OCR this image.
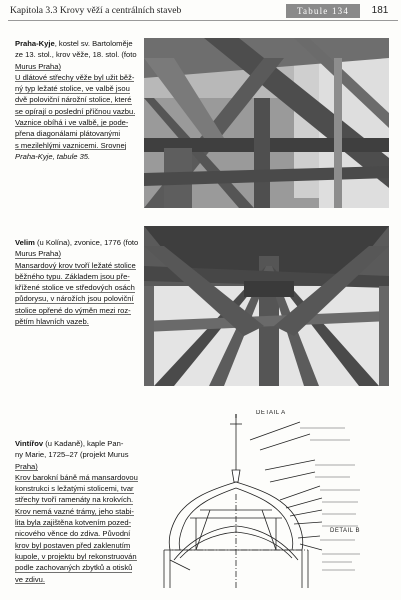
Kapitola 3.3 Krovy věží a centrálních staveb	Tabule 134	181

Praha-Kyje, kostel sv. Bartoloměje

ze 13. stol., krov věže, 18. stol. (foto

Murus Praha)

U dlátové střechy věže byl užit běž-

ný typ ležaté stolice, ve valbě jsou

dvě poloviční nárožní stolice, které

se opírají o poslední příčnou vazbu.

Vaznice obíhá i ve valbě, je pode-

přena diagonálami plátovanými

s mezilehlými vaznicemi. Srovnej

Praha-Kyje, tabule 35.

Velim (u Kolína), zvonice, 1776 (foto

Murus Praha)

Mansardový krov tvoří ležaté stolice

běžného typu. Základem jsou pře-

křížené stolice ve středových osách

půdorysu, v nárožích jsou poloviční

stolice opřené do výměn mezi roz-

pětím hlavních vazeb.

Vintířov (u Kadaně), kaple Pan-

ny Marie, 1725–27 (projekt Murus

Praha)

Krov barokní báně má mansardovou

konstrukci s ležatými stolicemi, tvar

střechy tvoří ramenáty na krokvích.

Krov nemá vazné trámy, jeho stabi-

lita byla zajištěna kotvením pozed-

nicového věnce do zdiva. Původní

krov byl postaven před zaklenutím

kupole, v projektu byl rekonstruován

podle zachovaných zbytků a otisků

ve zdivu.

DETAIL A
DETAIL B
